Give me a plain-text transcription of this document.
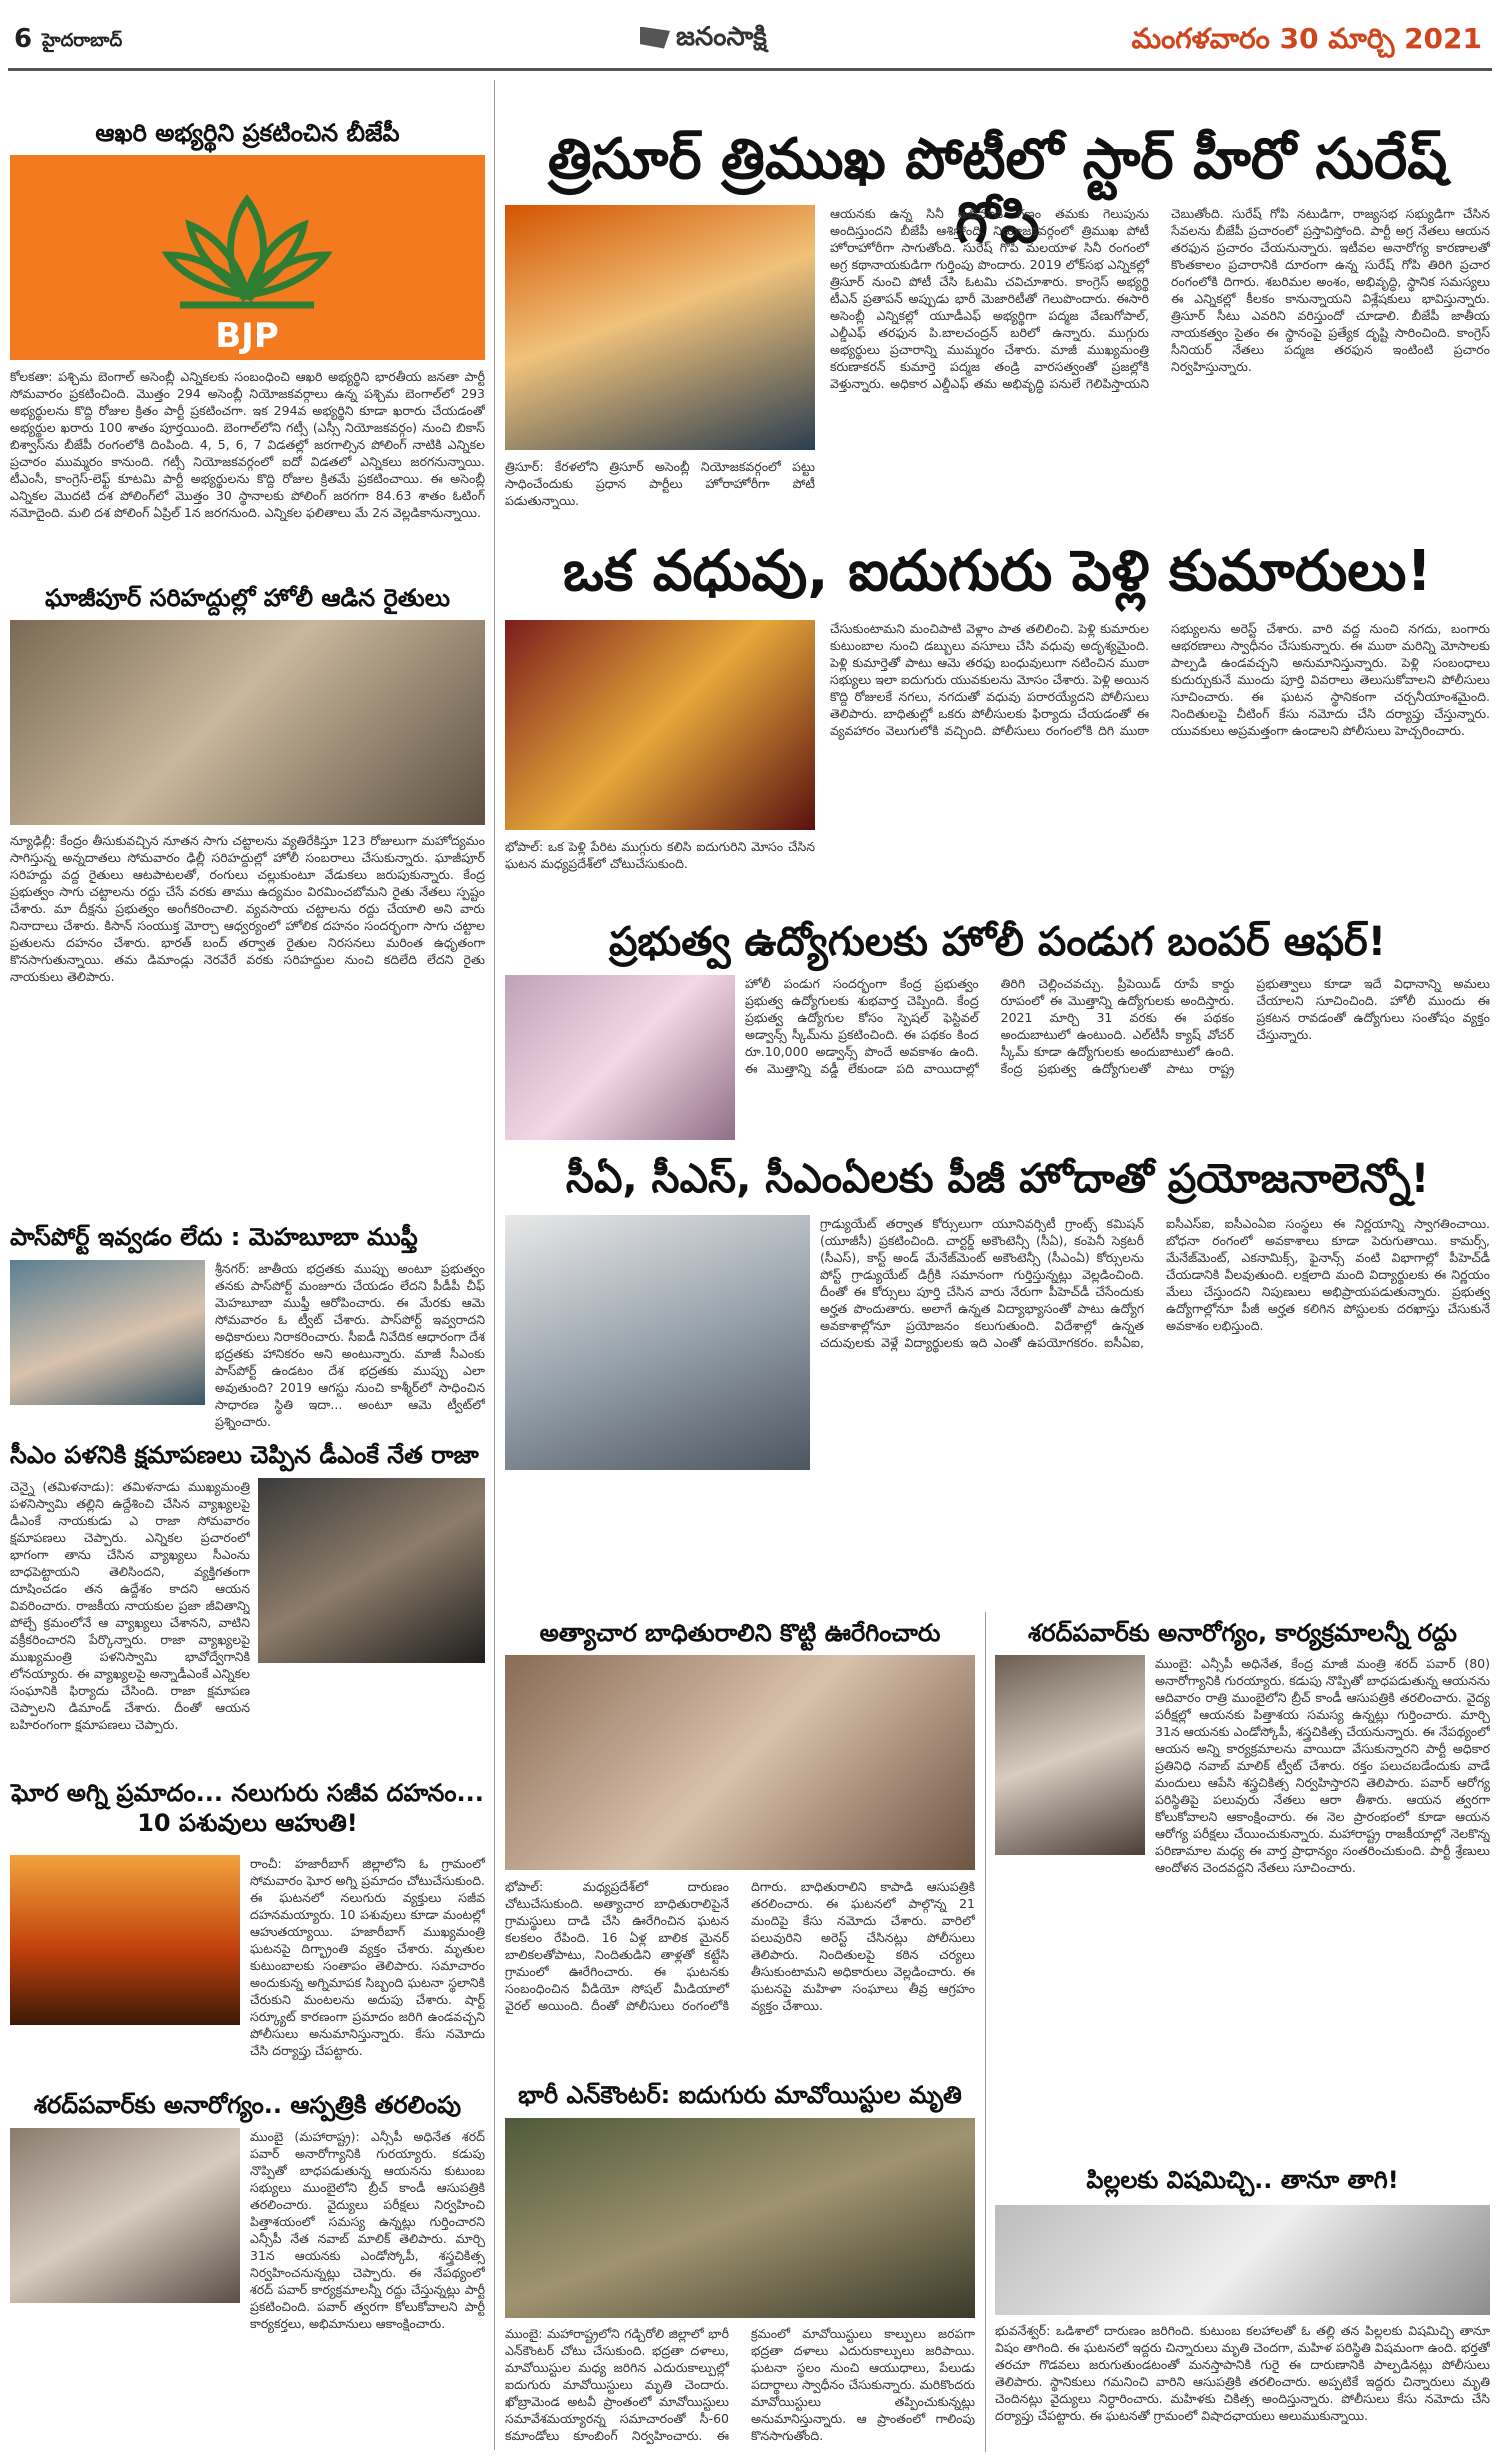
6 హైదరాబాద్	జనంసాక్షి	మంగళవారం 30 మార్చి 2021
ఆఖరి అభ్యర్థిని ప్రకటించిన బీజేపీ
BJP
కోలకతా: పశ్చిమ బెంగాల్ అసెంబ్లీ ఎన్నికలకు సంబంధించి ఆఖరి అభ్యర్థిని భారతీయ జనతా పార్టీ సోమవారం ప్రకటించింది. మొత్తం 294 అసెంబ్లీ నియోజకవర్గాలు ఉన్న పశ్చిమ బెంగాల్‌లో 293 అభ్యర్థులను కొద్ది రోజుల క్రితం పార్టీ ప్రకటించగా. ఇక 294వ అభ్యర్థిని కూడా ఖరారు చేయడంతో అభ్యర్థుల ఖరారు 100 శాతం పూర్తయింది. బెంగాల్‌లోని గట్సీ (ఎస్సీ నియోజకవర్గం) నుంచి బికాస్ బిశ్వాస్‌ను బీజేపీ రంగంలోకి దింపింది. 4, 5, 6, 7 విడతల్లో జరగాల్సిన పోలింగ్ నాటికి ఎన్నికల ప్రచారం ముమ్మరం కానుంది. గట్సీ నియోజకవర్గంలో ఐదో విడతలో ఎన్నికలు జరగనున్నాయి. టీఎంసీ, కాంగ్రెస్-లెఫ్ట్ కూటమి పార్టీ అభ్యర్థులను కొద్ది రోజుల క్రితమే ప్రకటించాయి. ఈ అసెంబ్లీ ఎన్నికల మొదటి దశ పోలింగ్‌లో మొత్తం 30 స్థానాలకు పోలింగ్ జరగగా 84.63 శాతం ఓటింగ్ నమోదైంది. మలి దశ పోలింగ్ ఏప్రిల్ 1న జరగనుంది. ఎన్నికల ఫలితాలు మే 2న వెల్లడికానున్నాయి.
ఘాజీపూర్ సరిహద్దుల్లో హోలీ ఆడిన రైతులు
న్యూఢిల్లీ: కేంద్రం తీసుకువచ్చిన నూతన సాగు చట్టాలను వ్యతిరేకిస్తూ 123 రోజులుగా మహోద్యమం సాగిస్తున్న అన్నదాతలు సోమవారం ఢిల్లీ సరిహద్దుల్లో హోలీ సంబరాలు చేసుకున్నారు. ఘాజీపూర్ సరిహద్దు వద్ద రైతులు ఆటపాటలతో, రంగులు చల్లుకుంటూ వేడుకలు జరుపుకున్నారు. కేంద్ర ప్రభుత్వం సాగు చట్టాలను రద్దు చేసే వరకు తాము ఉద్యమం విరమించబోమని రైతు నేతలు స్పష్టం చేశారు. మా దీక్షను ప్రభుత్వం అంగీకరించాలి. వ్యవసాయ చట్టాలను రద్దు చేయాలి అని వారు నినాదాలు చేశారు. కిసాన్ సంయుక్త మోర్చా ఆధ్వర్యంలో హోలిక దహనం సందర్భంగా సాగు చట్టాల ప్రతులను దహనం చేశారు. భారత్ బంద్ తర్వాత రైతుల నిరసనలు మరింత ఉధృతంగా కొనసాగుతున్నాయి. తమ డిమాండ్లు నెరవేరే వరకు సరిహద్దుల నుంచి కదిలేది లేదని రైతు నాయకులు తెలిపారు.
పాస్‌పోర్ట్ ఇవ్వడం లేదు : మెహబూబా ముఫ్తీ
శ్రీనగర్: జాతీయ భద్రతకు ముప్పు అంటూ ప్రభుత్వం తనకు పాస్‌పోర్ట్ మంజూరు చేయడం లేదని పీడీపీ చీఫ్ మెహబూబా ముఫ్తీ ఆరోపించారు. ఈ మేరకు ఆమె సోమవారం ఓ ట్వీట్ చేశారు. పాస్‌పోర్ట్ ఇవ్వరాదని అధికారులు నిరాకరించారు. సీఐడీ నివేదిక ఆధారంగా దేశ భద్రతకు హానికరం అని అంటున్నారు. మాజీ సీఎంకు పాస్‌పోర్ట్ ఉండటం దేశ భద్రతకు ముప్పు ఎలా అవుతుంది? 2019 ఆగస్టు నుంచి కాశ్మీర్‌లో సాధించిన సాధారణ స్థితి ఇదా... అంటూ ఆమె ట్వీట్‌లో ప్రశ్నించారు.
సీఎం పళనికి క్షమాపణలు చెప్పిన డీఎంకే నేత రాజా
చెన్నై (తమిళనాడు): తమిళనాడు ముఖ్యమంత్రి పళనిస్వామి తల్లిని ఉద్దేశించి చేసిన వ్యాఖ్యలపై డీఎంకే నాయకుడు ఎ రాజా సోమవారం క్షమాపణలు చెప్పారు. ఎన్నికల ప్రచారంలో భాగంగా తాను చేసిన వ్యాఖ్యలు సీఎంను బాధపెట్టాయని తెలిసిందని, వ్యక్తిగతంగా దూషించడం తన ఉద్దేశం కాదని ఆయన వివరించారు. రాజకీయ నాయకుల ప్రజా జీవితాన్ని పోల్చే క్రమంలోనే ఆ వ్యాఖ్యలు చేశానని, వాటిని వక్రీకరించారని పేర్కొన్నారు. రాజా వ్యాఖ్యలపై ముఖ్యమంత్రి పళనిస్వామి భావోద్వేగానికి లోనయ్యారు. ఈ వ్యాఖ్యలపై అన్నాడీఎంకే ఎన్నికల సంఘానికి ఫిర్యాదు చేసింది. రాజా క్షమాపణ చెప్పాలని డిమాండ్ చేశారు. దీంతో ఆయన బహిరంగంగా క్షమాపణలు చెప్పారు.
ఘోర అగ్ని ప్రమాదం... నలుగురు సజీవ దహనం... 10 పశువులు ఆహుతి!
రాంచీ: హజారీబాగ్ జిల్లాలోని ఓ గ్రామంలో సోమవారం ఘోర అగ్ని ప్రమాదం చోటుచేసుకుంది. ఈ ఘటనలో నలుగురు వ్యక్తులు సజీవ దహనమయ్యారు. 10 పశువులు కూడా మంటల్లో ఆహుతయ్యాయి. హజారీబాగ్ ముఖ్యమంత్రి ఘటనపై దిగ్భ్రాంతి వ్యక్తం చేశారు. మృతుల కుటుంబాలకు సంతాపం తెలిపారు. సమాచారం అందుకున్న అగ్నిమాపక సిబ్బంది ఘటనా స్థలానికి చేరుకుని మంటలను అదుపు చేశారు. షార్ట్ సర్క్యూట్ కారణంగా ప్రమాదం జరిగి ఉండవచ్చని పోలీసులు అనుమానిస్తున్నారు. కేసు నమోదు చేసి దర్యాప్తు చేపట్టారు.
శరద్‌పవార్‌కు అనారోగ్యం.. ఆస్పత్రికి తరలింపు
ముంబై (మహారాష్ట్ర): ఎన్సీపీ అధినేత శరద్ పవార్ అనారోగ్యానికి గురయ్యారు. కడుపు నొప్పితో బాధపడుతున్న ఆయనను కుటుంబ సభ్యులు ముంబైలోని బ్రీచ్ కాండీ ఆసుపత్రికి తరలించారు. వైద్యులు పరీక్షలు నిర్వహించి పిత్తాశయంలో సమస్య ఉన్నట్లు గుర్తించారని ఎన్సీపీ నేత నవాబ్ మాలిక్ తెలిపారు. మార్చి 31న ఆయనకు ఎండోస్కోపీ, శస్త్రచికిత్స నిర్వహించనున్నట్లు చెప్పారు. ఈ నేపథ్యంలో శరద్ పవార్ కార్యక్రమాలన్నీ రద్దు చేస్తున్నట్లు పార్టీ ప్రకటించింది. పవార్ త్వరగా కోలుకోవాలని పార్టీ కార్యకర్తలు, అభిమానులు ఆకాంక్షించారు.
త్రిసూర్ త్రిముఖ పోటీలో స్టార్ హీరో సురేష్ గోపి
త్రిసూర్: కేరళలోని త్రిసూర్ అసెంబ్లీ నియోజకవర్గంలో పట్టు సాధించేందుకు ప్రధాన పార్టీలు హోరాహోరీగా పోటీ పడుతున్నాయి.
ఆయనకు ఉన్న సినీ అభిమాన గణం తమకు గెలుపును అందిస్తుందని బీజేపీ ఆశిస్తోంది. నియోజకవర్గంలో త్రిముఖ పోటీ హోరాహోరీగా సాగుతోంది. సురేష్ గోపి మలయాళ సినీ రంగంలో అగ్ర కథానాయకుడిగా గుర్తింపు పొందారు. 2019 లోక్‌సభ ఎన్నికల్లో త్రిసూర్ నుంచి పోటీ చేసి ఓటమి చవిచూశారు. కాంగ్రెస్ అభ్యర్థి టీఎన్ ప్రతాపన్ అప్పుడు భారీ మెజారిటీతో గెలుపొందారు. ఈసారి అసెంబ్లీ ఎన్నికల్లో యూడీఎఫ్ అభ్యర్థిగా పద్మజ వేణుగోపాల్, ఎల్డీఎఫ్ తరఫున పి.బాలచంద్రన్ బరిలో ఉన్నారు. ముగ్గురు అభ్యర్థులు ప్రచారాన్ని ముమ్మరం చేశారు. మాజీ ముఖ్యమంత్రి కరుణాకరన్ కుమార్తె పద్మజ తండ్రి వారసత్వంతో ప్రజల్లోకి వెళ్తున్నారు. అధికార ఎల్డీఎఫ్ తమ అభివృద్ధి పనులే గెలిపిస్తాయని చెబుతోంది. సురేష్ గోపి నటుడిగా, రాజ్యసభ సభ్యుడిగా చేసిన సేవలను బీజేపీ ప్రచారంలో ప్రస్తావిస్తోంది. పార్టీ అగ్ర నేతలు ఆయన తరఫున ప్రచారం చేయనున్నారు. ఇటీవల అనారోగ్య కారణాలతో కొంతకాలం ప్రచారానికి దూరంగా ఉన్న సురేష్ గోపి తిరిగి ప్రచార రంగంలోకి దిగారు. శబరిమల అంశం, అభివృద్ధి, స్థానిక సమస్యలు ఈ ఎన్నికల్లో కీలకం కానున్నాయని విశ్లేషకులు భావిస్తున్నారు. త్రిసూర్ సీటు ఎవరిని వరిస్తుందో చూడాలి. బీజేపీ జాతీయ నాయకత్వం సైతం ఈ స్థానంపై ప్రత్యేక దృష్టి సారించింది. కాంగ్రెస్ సీనియర్ నేతలు పద్మజ తరఫున ఇంటింటి ప్రచారం నిర్వహిస్తున్నారు.
ఒక వధువు, ఐదుగురు పెళ్లి కుమారులు!
భోపాల్: ఒక పెళ్లి పేరిట ముగ్గురు కలిసి ఐదుగురిని మోసం చేసిన ఘటన మధ్యప్రదేశ్‌లో చోటుచేసుకుంది.
చేసుకుంటామని మంచిపాటి వెళ్లాం పాత తలిలించి. పెళ్లి కుమారుల కుటుంబాల నుంచి డబ్బులు వసూలు చేసి వధువు అదృశ్యమైంది. పెళ్లి కుమార్తెతో పాటు ఆమె తరఫు బంధువులుగా నటించిన ముఠా సభ్యులు ఇలా ఐదుగురు యువకులను మోసం చేశారు. పెళ్లి అయిన కొద్ది రోజులకే నగలు, నగదుతో వధువు పరారయ్యేదని పోలీసులు తెలిపారు. బాధితుల్లో ఒకరు పోలీసులకు ఫిర్యాదు చేయడంతో ఈ వ్యవహారం వెలుగులోకి వచ్చింది. పోలీసులు రంగంలోకి దిగి ముఠా సభ్యులను అరెస్ట్ చేశారు. వారి వద్ద నుంచి నగదు, బంగారు ఆభరణాలు స్వాధీనం చేసుకున్నారు. ఈ ముఠా మరిన్ని మోసాలకు పాల్పడి ఉండవచ్చని అనుమానిస్తున్నారు. పెళ్లి సంబంధాలు కుదుర్చుకునే ముందు పూర్తి వివరాలు తెలుసుకోవాలని పోలీసులు సూచించారు. ఈ ఘటన స్థానికంగా చర్చనీయాంశమైంది. నిందితులపై చీటింగ్ కేసు నమోదు చేసి దర్యాప్తు చేస్తున్నారు. యువకులు అప్రమత్తంగా ఉండాలని పోలీసులు హెచ్చరించారు.
ప్రభుత్వ ఉద్యోగులకు హోలీ పండుగ బంపర్ ఆఫర్!
హోలీ పండుగ సందర్భంగా కేంద్ర ప్రభుత్వం ప్రభుత్వ ఉద్యోగులకు శుభవార్త చెప్పింది. కేంద్ర ప్రభుత్వ ఉద్యోగుల కోసం స్పెషల్ ఫెస్టివల్ అడ్వాన్స్ స్కీమ్‌ను ప్రకటించింది. ఈ పథకం కింద రూ.10,000 అడ్వాన్స్ పొందే అవకాశం ఉంది. ఈ మొత్తాన్ని వడ్డీ లేకుండా పది వాయిదాల్లో తిరిగి చెల్లించవచ్చు. ప్రీపెయిడ్ రూపే కార్డు రూపంలో ఈ మొత్తాన్ని ఉద్యోగులకు అందిస్తారు. 2021 మార్చి 31 వరకు ఈ పథకం అందుబాటులో ఉంటుంది. ఎల్‌టీసీ క్యాష్ వోచర్ స్కీమ్ కూడా ఉద్యోగులకు అందుబాటులో ఉంది. కేంద్ర ప్రభుత్వ ఉద్యోగులతో పాటు రాష్ట్ర ప్రభుత్వాలు కూడా ఇదే విధానాన్ని అమలు చేయాలని సూచించింది. హోలీ ముందు ఈ ప్రకటన రావడంతో ఉద్యోగులు సంతోషం వ్యక్తం చేస్తున్నారు.
సీఏ, సీఎస్, సీఎంఏలకు పీజీ హోదాతో ప్రయోజనాలెన్నో!
గ్రాడ్యుయేట్ తర్వాత కోర్సులుగా యూనివర్సిటీ గ్రాంట్స్ కమిషన్ (యూజీసీ) ప్రకటించింది. చార్టర్డ్ అకౌంటెన్సీ (సీఏ), కంపెనీ సెక్రటరీ (సీఎస్), కాస్ట్ అండ్ మేనేజ్‌మెంట్ అకౌంటెన్సీ (సీఎంఏ) కోర్సులను పోస్ట్ గ్రాడ్యుయేట్ డిగ్రీకి సమానంగా గుర్తిస్తున్నట్లు వెల్లడించింది. దీంతో ఈ కోర్సులు పూర్తి చేసిన వారు నేరుగా పీహెచ్‌డీ చేసేందుకు అర్హత పొందుతారు. అలాగే ఉన్నత విద్యాభ్యాసంతో పాటు ఉద్యోగ అవకాశాల్లోనూ ప్రయోజనం కలుగుతుంది. విదేశాల్లో ఉన్నత చదువులకు వెళ్లే విద్యార్థులకు ఇది ఎంతో ఉపయోగకరం. ఐసీఏఐ, ఐసీఎస్ఐ, ఐసీఎంఏఐ సంస్థలు ఈ నిర్ణయాన్ని స్వాగతించాయి. బోధనా రంగంలో అవకాశాలు కూడా పెరుగుతాయి. కామర్స్, మేనేజ్‌మెంట్, ఎకనామిక్స్, ఫైనాన్స్ వంటి విభాగాల్లో పీహెచ్‌డీ చేయడానికి వీలవుతుంది. లక్షలాది మంది విద్యార్థులకు ఈ నిర్ణయం మేలు చేస్తుందని నిపుణులు అభిప్రాయపడుతున్నారు. ప్రభుత్వ ఉద్యోగాల్లోనూ పీజీ అర్హత కలిగిన పోస్టులకు దరఖాస్తు చేసుకునే అవకాశం లభిస్తుంది.
అత్యాచార బాధితురాలిని కొట్టి ఊరేగించారు
భోపాల్: మధ్యప్రదేశ్‌లో దారుణం చోటుచేసుకుంది. అత్యాచార బాధితురాలిపైనే గ్రామస్థులు దాడి చేసి ఊరేగించిన ఘటన కలకలం రేపింది. 16 ఏళ్ల బాలిక మైనర్ బాలికలతోపాటు, నిందితుడిని తాళ్లతో కట్టేసి గ్రామంలో ఊరేగించారు. ఈ ఘటనకు సంబంధించిన వీడియో సోషల్ మీడియాలో వైరల్ అయింది. దీంతో పోలీసులు రంగంలోకి దిగారు. బాధితురాలిని కాపాడి ఆసుపత్రికి తరలించారు. ఈ ఘటనలో పాల్గొన్న 21 మందిపై కేసు నమోదు చేశారు. వారిలో పలువురిని అరెస్ట్ చేసినట్లు పోలీసులు తెలిపారు. నిందితులపై కఠిన చర్యలు తీసుకుంటామని అధికారులు వెల్లడించారు. ఈ ఘటనపై మహిళా సంఘాలు తీవ్ర ఆగ్రహం వ్యక్తం చేశాయి.
భారీ ఎన్‌కౌంటర్: ఐదుగురు మావోయిస్టుల మృతి
ముంబై: మహారాష్ట్రలోని గడ్చిరోలి జిల్లాలో భారీ ఎన్‌కౌంటర్ చోటు చేసుకుంది. భద్రతా దళాలు, మావోయిస్టుల మధ్య జరిగిన ఎదురుకాల్పుల్లో ఐదుగురు మావోయిస్టులు మృతి చెందారు. ఖోబ్రామెండ అటవీ ప్రాంతంలో మావోయిస్టులు సమావేశమయ్యారన్న సమాచారంతో సీ-60 కమాండోలు కూంబింగ్ నిర్వహించారు. ఈ క్రమంలో మావోయిస్టులు కాల్పులు జరపగా భద్రతా దళాలు ఎదురుకాల్పులు జరిపాయి. ఘటనా స్థలం నుంచి ఆయుధాలు, పేలుడు పదార్థాలు స్వాధీనం చేసుకున్నారు. మరికొందరు మావోయిస్టులు తప్పించుకున్నట్లు అనుమానిస్తున్నారు. ఆ ప్రాంతంలో గాలింపు కొనసాగుతోంది.
శరద్‌పవార్‌కు అనారోగ్యం, కార్యక్రమాలన్నీ రద్దు
ముంబై: ఎన్సీపీ అధినేత, కేంద్ర మాజీ మంత్రి శరద్ పవార్ (80) అనారోగ్యానికి గురయ్యారు. కడుపు నొప్పితో బాధపడుతున్న ఆయనను ఆదివారం రాత్రి ముంబైలోని బ్రీచ్ కాండీ ఆసుపత్రికి తరలించారు. వైద్య పరీక్షల్లో ఆయనకు పిత్తాశయ సమస్య ఉన్నట్లు గుర్తించారు. మార్చి 31న ఆయనకు ఎండోస్కోపీ, శస్త్రచికిత్స చేయనున్నారు. ఈ నేపథ్యంలో ఆయన అన్ని కార్యక్రమాలను వాయిదా వేసుకున్నారని పార్టీ అధికార ప్రతినిధి నవాబ్ మాలిక్ ట్వీట్ చేశారు. రక్తం పలుచబడేందుకు వాడే మందులు ఆపేసి శస్త్రచికిత్స నిర్వహిస్తారని తెలిపారు. పవార్ ఆరోగ్య పరిస్థితిపై పలువురు నేతలు ఆరా తీశారు. ఆయన త్వరగా కోలుకోవాలని ఆకాంక్షించారు. ఈ నెల ప్రారంభంలో కూడా ఆయన ఆరోగ్య పరీక్షలు చేయించుకున్నారు. మహారాష్ట్ర రాజకీయాల్లో నెలకొన్న పరిణామాల మధ్య ఈ వార్త ప్రాధాన్యం సంతరించుకుంది. పార్టీ శ్రేణులు ఆందోళన చెందవద్దని నేతలు సూచించారు.
పిల్లలకు విషమిచ్చి.. తానూ తాగి!
భువనేశ్వర్: ఒడిశాలో దారుణం జరిగింది. కుటుంబ కలహాలతో ఓ తల్లి తన పిల్లలకు విషమిచ్చి తానూ విషం తాగింది. ఈ ఘటనలో ఇద్దరు చిన్నారులు మృతి చెందగా, మహిళ పరిస్థితి విషమంగా ఉంది. భర్తతో తరచూ గొడవలు జరుగుతుండటంతో మనస్తాపానికి గురై ఈ దారుణానికి పాల్పడినట్లు పోలీసులు తెలిపారు. స్థానికులు గమనించి వారిని ఆసుపత్రికి తరలించారు. అప్పటికే ఇద్దరు చిన్నారులు మృతి చెందినట్లు వైద్యులు నిర్ధారించారు. మహిళకు చికిత్స అందిస్తున్నారు. పోలీసులు కేసు నమోదు చేసి దర్యాప్తు చేపట్టారు. ఈ ఘటనతో గ్రామంలో విషాదఛాయలు అలుముకున్నాయి.
